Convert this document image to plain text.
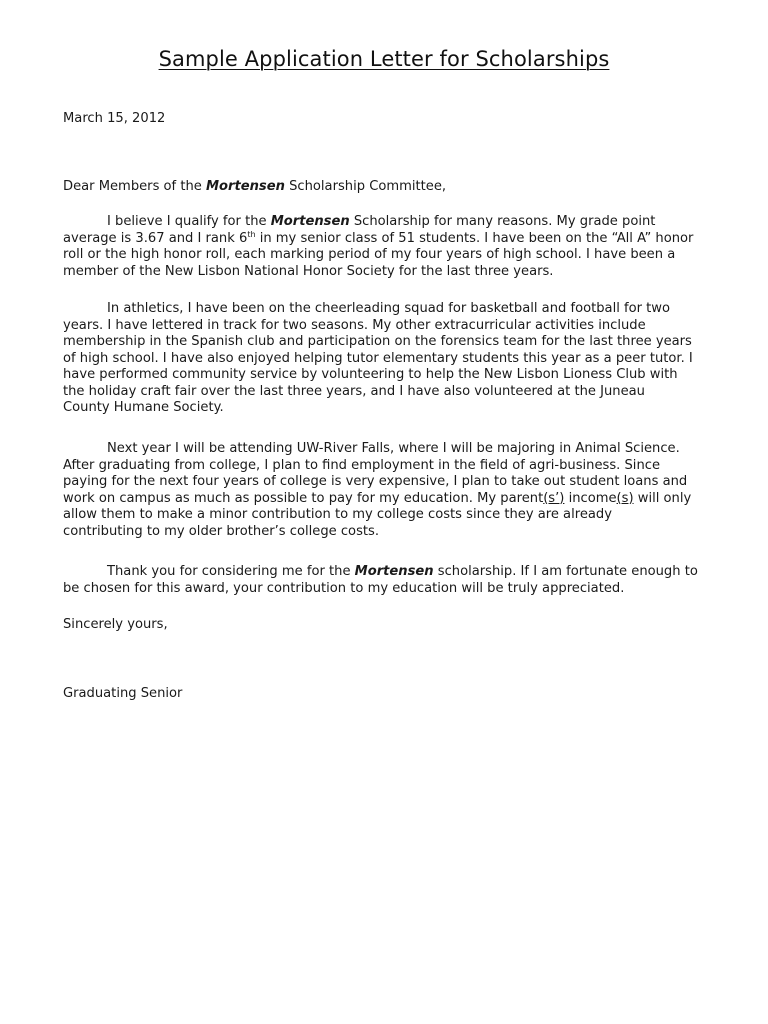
Sample Application Letter for Scholarships
March 15, 2012
Dear Members of the Mortensen Scholarship Committee,
I believe I qualify for the Mortensen Scholarship for many reasons. My grade point
average is 3.67 and I rank 6th in my senior class of 51 students. I have been on the “All A” honor
roll or the high honor roll, each marking period of my four years of high school. I have been a
member of the New Lisbon National Honor Society for the last three years.
In athletics, I have been on the cheerleading squad for basketball and football for two
years. I have lettered in track for two seasons. My other extracurricular activities include
membership in the Spanish club and participation on the forensics team for the last three years
of high school. I have also enjoyed helping tutor elementary students this year as a peer tutor. I
have performed community service by volunteering to help the New Lisbon Lioness Club with
the holiday craft fair over the last three years, and I have also volunteered at the Juneau
County Humane Society.
Next year I will be attending UW-River Falls, where I will be majoring in Animal Science.
After graduating from college, I plan to find employment in the field of agri-business. Since
paying for the next four years of college is very expensive, I plan to take out student loans and
work on campus as much as possible to pay for my education. My parent(s’) income(s) will only
allow them to make a minor contribution to my college costs since they are already
contributing to my older brother’s college costs.
Thank you for considering me for the Mortensen scholarship. If I am fortunate enough to
be chosen for this award, your contribution to my education will be truly appreciated.
Sincerely yours,
Graduating Senior
